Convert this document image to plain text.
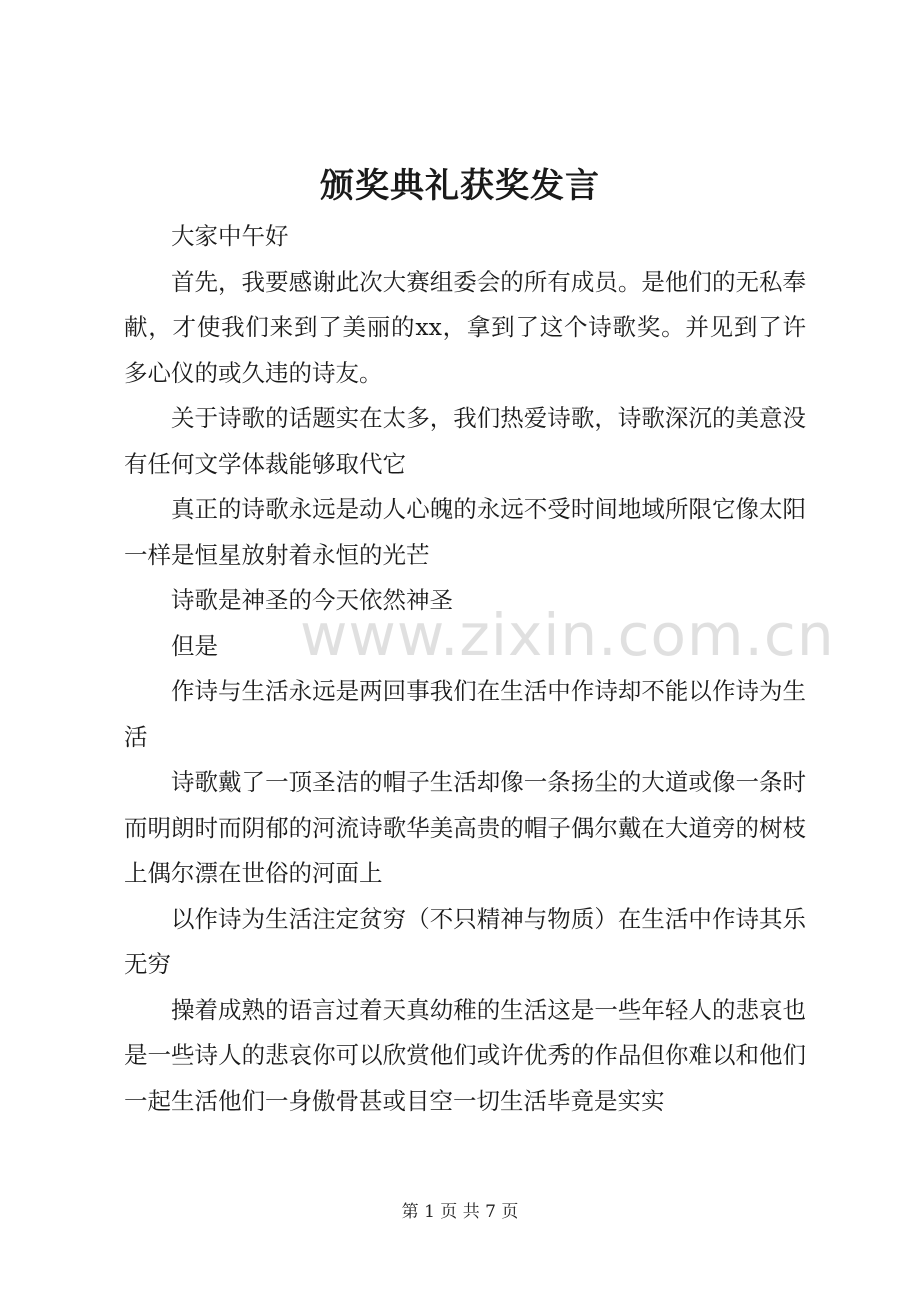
颁奖典礼获奖发言

大家中午好

首先，我要感谢此次大赛组委会的所有成员。是他们的无私奉献，才使我们来到了美丽的xx，拿到了这个诗歌奖。并见到了许多心仪的或久违的诗友。

关于诗歌的话题实在太多，我们热爱诗歌，诗歌深沉的美意没有任何文学体裁能够取代它

真正的诗歌永远是动人心魄的永远不受时间地域所限它像太阳一样是恒星放射着永恒的光芒

诗歌是神圣的今天依然神圣

但是

作诗与生活永远是两回事我们在生活中作诗却不能以作诗为生活

诗歌戴了一顶圣洁的帽子生活却像一条扬尘的大道或像一条时而明朗时而阴郁的河流诗歌华美高贵的帽子偶尔戴在大道旁的树枝上偶尔漂在世俗的河面上

以作诗为生活注定贫穷（不只精神与物质）在生活中作诗其乐无穷

操着成熟的语言过着天真幼稚的生活这是一些年轻人的悲哀也是一些诗人的悲哀你可以欣赏他们或许优秀的作品但你难以和他们一起生活他们一身傲骨甚或目空一切生活毕竟是实实

www.zixin.com.cn
第 1 页 共 7 页
